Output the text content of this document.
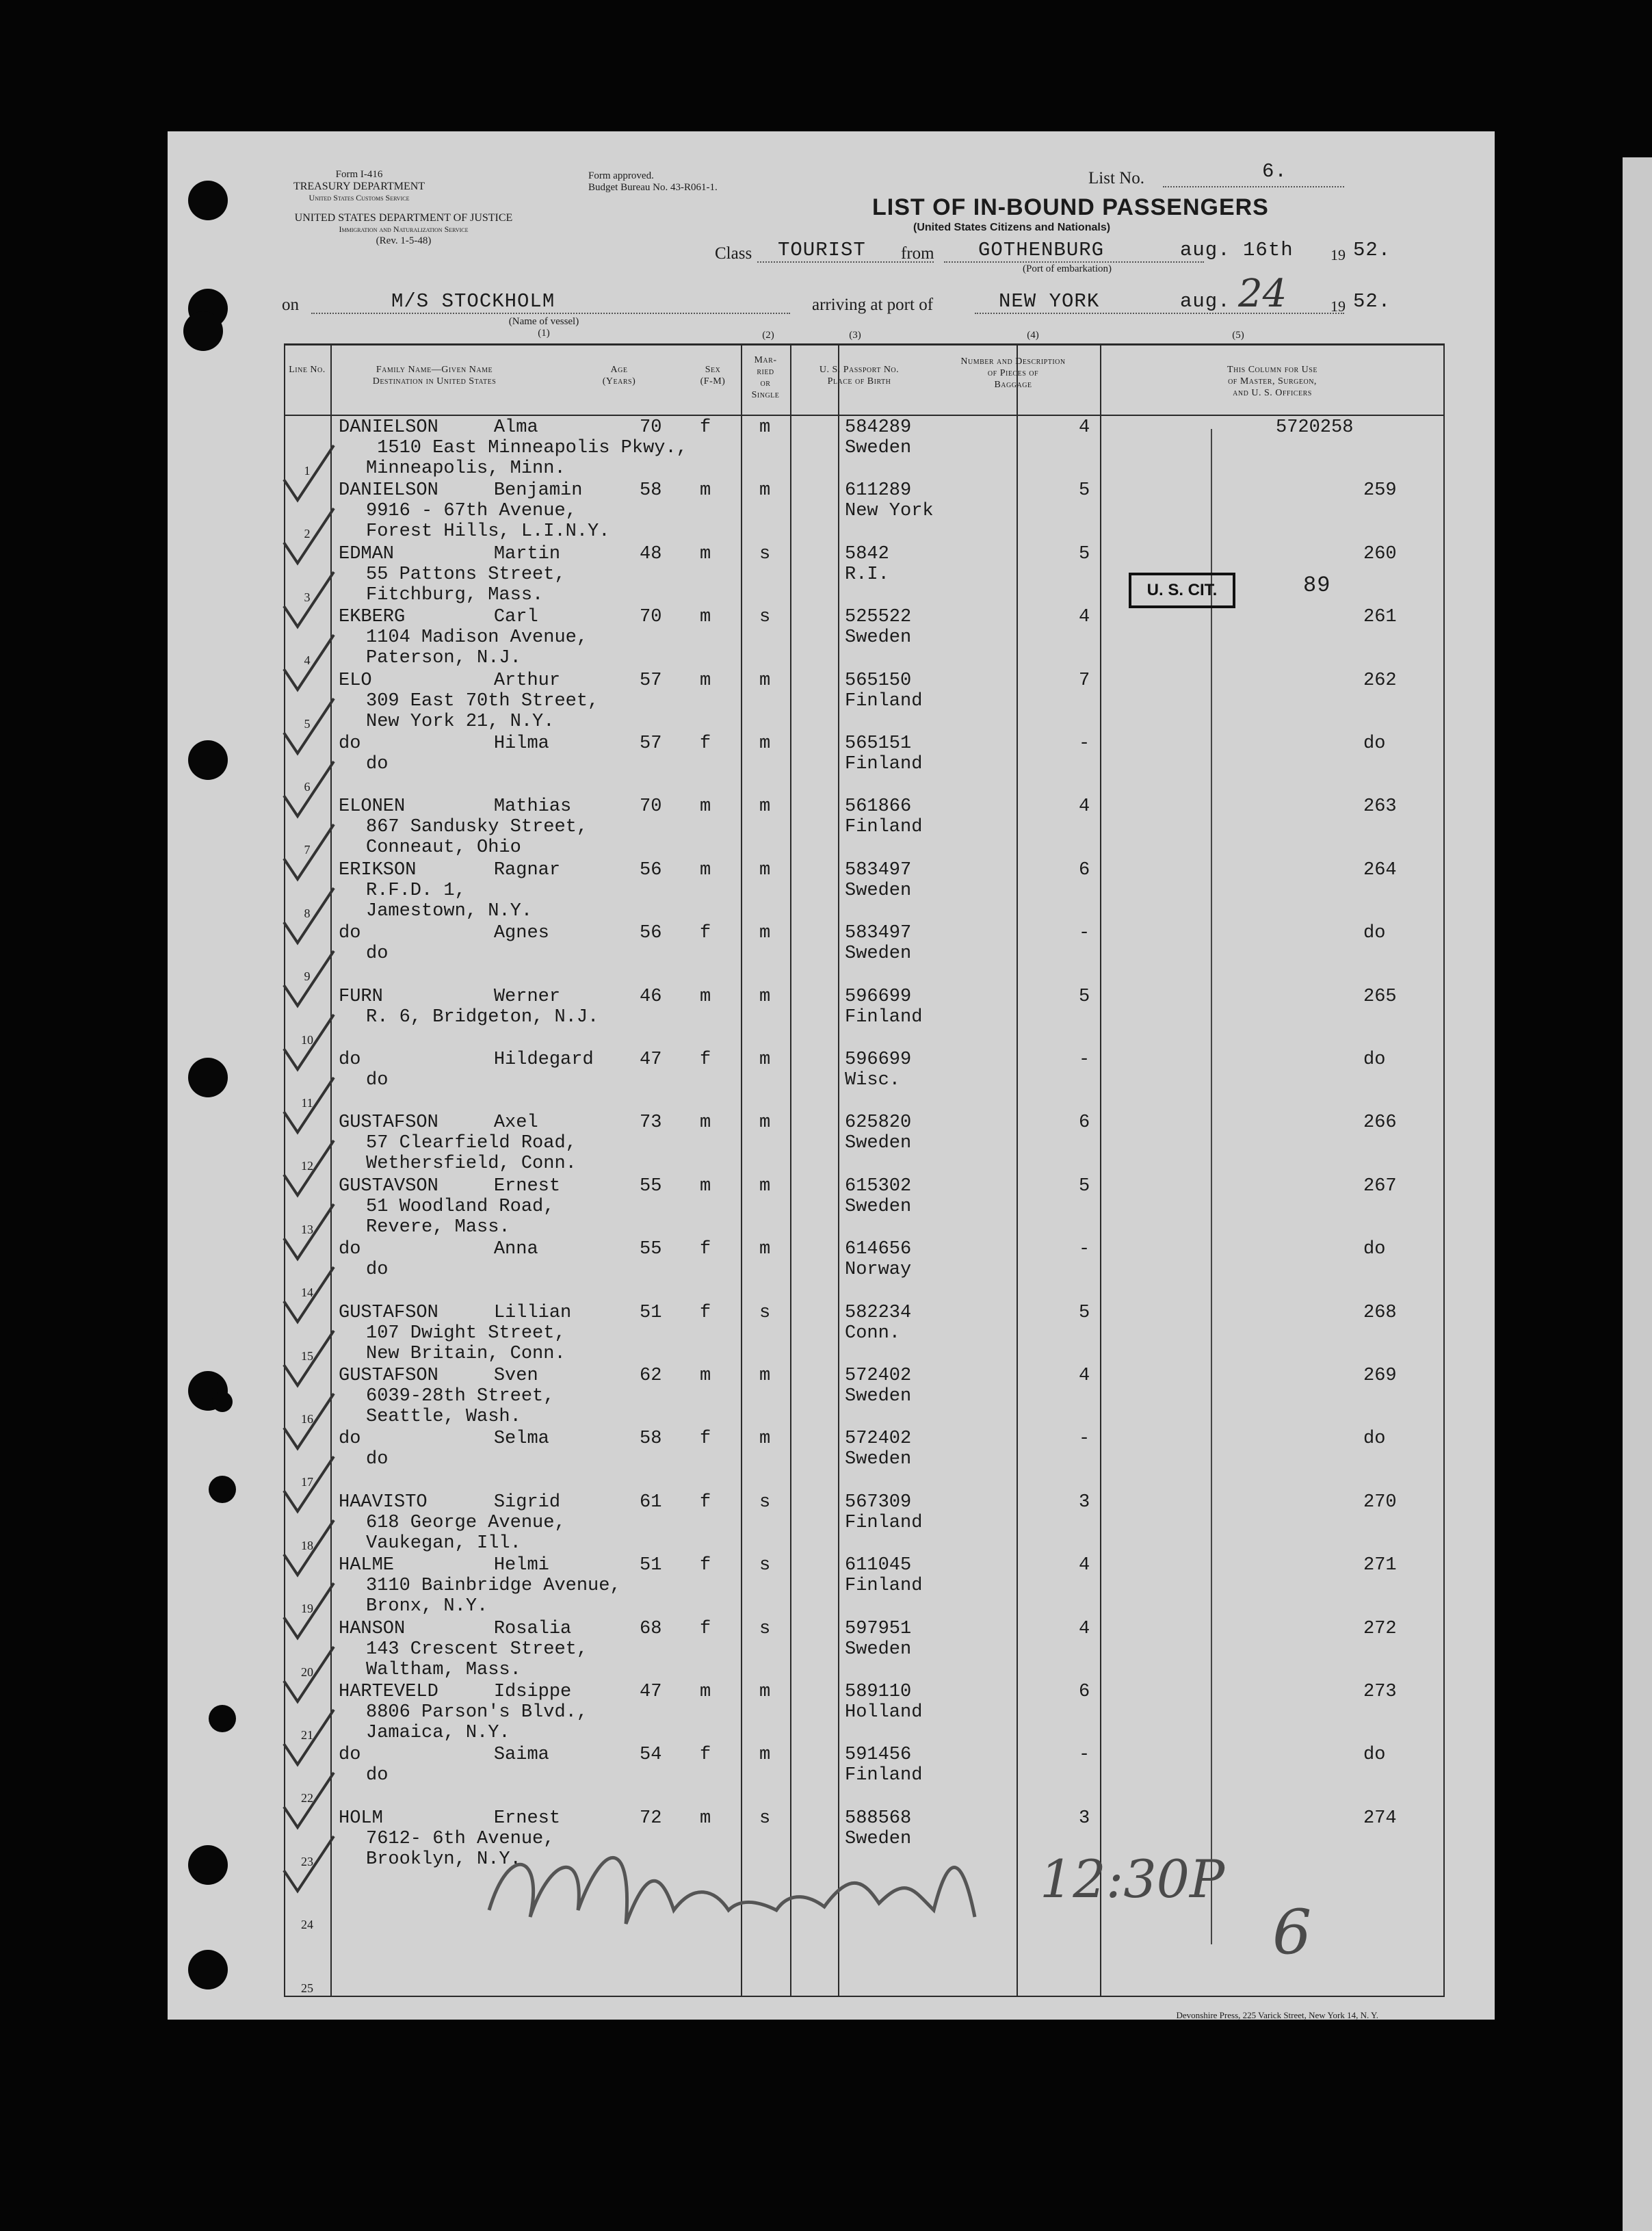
Form I-416
TREASURY DEPARTMENT
United States Customs Service
Form approved.
Budget Bureau No. 43-R061-1.
UNITED STATES DEPARTMENT OF JUSTICE
Immigration and Naturalization Service
(Rev. 1-5-48)
List No.	6.
LIST OF IN-BOUND PASSENGERS
(United States Citizens and Nationals)
Class TOURIST from GOTHENBURG
(Port of embarkation)
aug. 16th 19 52.
on	M/S STOCKHOLM
(Name of vessel)
(1)
arriving at port of	NEW YORK	aug. 24	19 52.
(2)	(3)	(4)	(5)
Line No.	Family Name—Given Name
Destination in United States
Age
(Years)
Sex
(F-M)
Mar-
ried
or
Single
U. S. Passport No.
Place of Birth
Number and Description
of Pieces of
Baggage
This Column for Use
of Master, Surgeon,
and U. S. Officers
1
DANIELSON     Alma
1510 East Minneapolis Pkwy.,
Minneapolis, Minn.
70 f	m	584289
Sweden
4	5720258
2
DANIELSON     Benjamin
9916 - 67th Avenue,
Forest Hills, L.I.N.Y.
58 m	m	611289
New York
5	259
3
EDMAN         Martin
55 Pattons Street,
Fitchburg, Mass.
48 m	s	5842
R.I.
5	260
4
EKBERG        Carl
1104 Madison Avenue,
Paterson, N.J.
70 m	s	525522
Sweden
4	261
5
ELO           Arthur
309 East 70th Street,
New York 21, N.Y.
57 m	m	565150
Finland
7	262
6
do            Hilma
do
57 f	m	565151
Finland
-	do
7
ELONEN        Mathias
867 Sandusky Street,
Conneaut, Ohio
70 m	m	561866
Finland
4	263
8
ERIKSON       Ragnar
R.F.D. 1,
Jamestown, N.Y.
56 m	m	583497
Sweden
6	264
9
do            Agnes
do
56 f	m	583497
Sweden
-	do
10
FURN          Werner
R. 6, Bridgeton, N.J.
46 m	m	596699
Finland
5	265
11
do            Hildegard
do
47 f	m	596699
Wisc.
-	do
12
GUSTAFSON     Axel
57 Clearfield Road,
Wethersfield, Conn.
73 m	m	625820
Sweden
6	266
13
GUSTAVSON     Ernest
51 Woodland Road,
Revere, Mass.
55 m	m	615302
Sweden
5	267
14
do            Anna
do
55 f	m	614656
Norway
-	do
15
GUSTAFSON     Lillian
107 Dwight Street,
New Britain, Conn.
51 f	s	582234
Conn.
5	268
16
GUSTAFSON     Sven
6039-28th Street,
Seattle, Wash.
62 m	m	572402
Sweden
4	269
17
do            Selma
do
58 f	m	572402
Sweden
-	do
18
HAAVISTO      Sigrid
618 George Avenue,
Vaukegan, Ill.
61 f	s	567309
Finland
3	270
19
HALME         Helmi
3110 Bainbridge Avenue,
Bronx, N.Y.
51 f	s	611045
Finland
4	271
20
HANSON        Rosalia
143 Crescent Street,
Waltham, Mass.
68 f	s	597951
Sweden
4	272
21
HARTEVELD     Idsippe
8806 Parson's Blvd.,
Jamaica, N.Y.
47 m	m	589110
Holland
6	273
22
do            Saima
do
54 f	m	591456
Finland
-	do
23
HOLM          Ernest
7612- 6th Avenue,
Brooklyn, N.Y.
72 m	s	588568
Sweden
3	274
24
25
U. S. CIT.	89
12:30P
6
Devonshire Press, 225 Varick Street, New York 14, N. Y.
